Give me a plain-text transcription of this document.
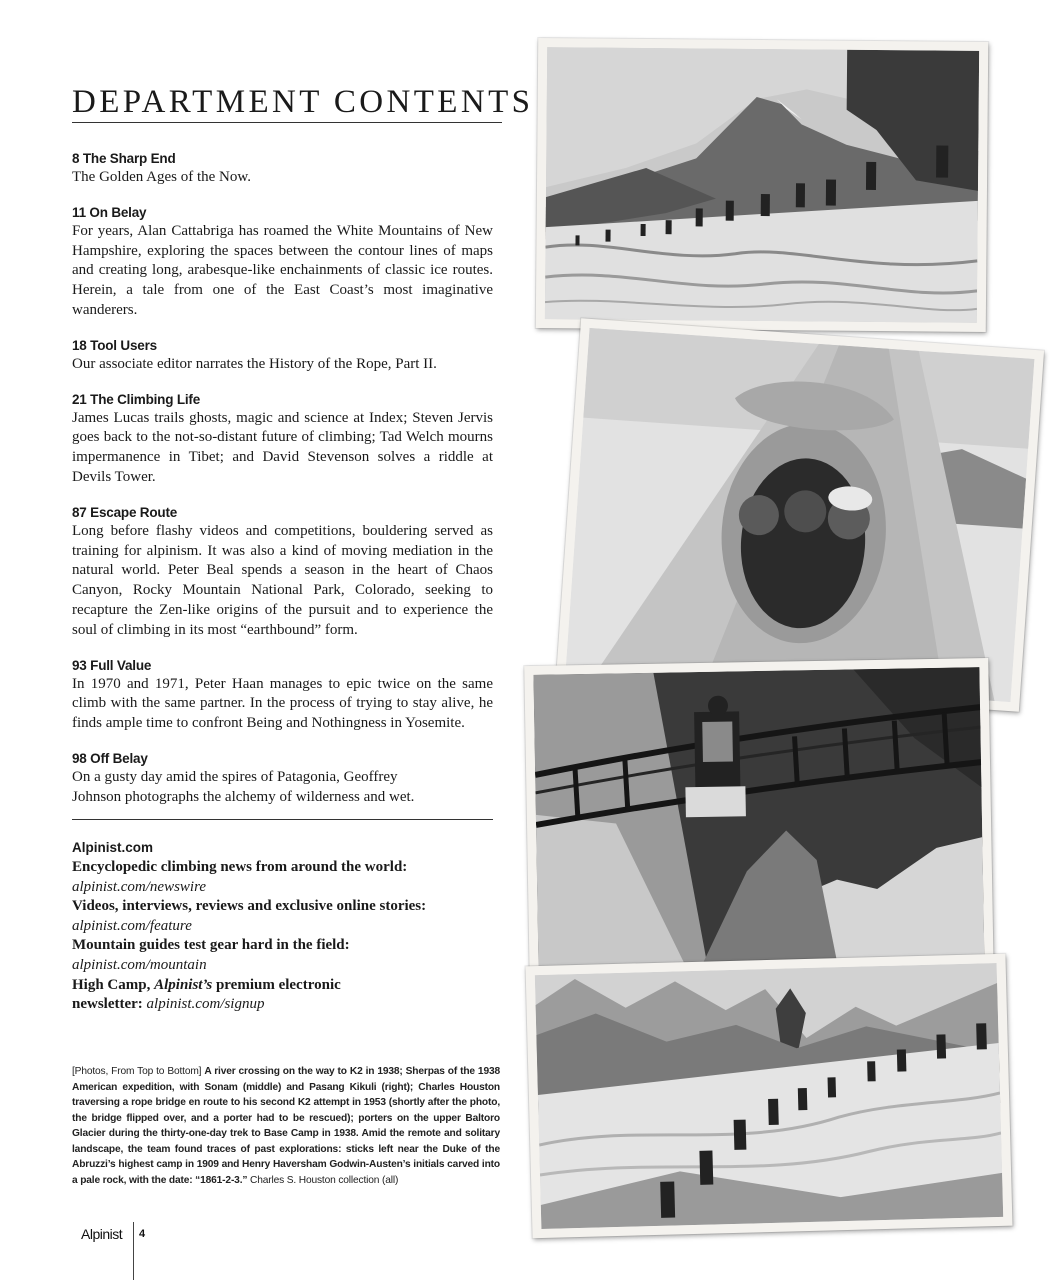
DEPARTMENT CONTENTS
8 The Sharp End
The Golden Ages of the Now.
11 On Belay
For years, Alan Cattabriga has roamed the White Mountains of New Hampshire, exploring the spaces between the contour lines of maps and creating long, arabesque-like enchainments of classic ice routes. Herein, a tale from one of the East Coast’s most imaginative wanderers.
18 Tool Users
Our associate editor narrates the History of the Rope, Part II.
21 The Climbing Life
James Lucas trails ghosts, magic and science at Index; Steven Jervis goes back to the not-so-distant future of climbing; Tad Welch mourns impermanence in Tibet; and David Stevenson solves a riddle at Devils Tower.
87 Escape Route
Long before flashy videos and competitions, bouldering served as training for alpinism. It was also a kind of moving mediation in the natural world. Peter Beal spends a season in the heart of Chaos Canyon, Rocky Mountain National Park, Colorado, seeking to recapture the Zen-like origins of the pursuit and to experience the soul of climbing in its most “earthbound” form.
93 Full Value
In 1970 and 1971, Peter Haan manages to epic twice on the same climb with the same partner. In the process of trying to stay alive, he finds ample time to confront Being and Nothingness in Yosemite.
98 Off Belay
On a gusty day amid the spires of Patagonia, Geoffrey
Johnson photographs the alchemy of wilderness and wet.
Alpinist.com
Encyclopedic climbing news from around the world:
alpinist.com/newswire
Videos, interviews, reviews and exclusive online stories:
alpinist.com/feature
Mountain guides test gear hard in the field:
alpinist.com/mountain
High Camp, Alpinist’s premium electronic
newsletter: alpinist.com/signup
[Photos, From Top to Bottom] A river crossing on the way to K2 in 1938; Sherpas of the 1938 American expedition, with Sonam (middle) and Pasang Kikuli (right); Charles Houston traversing a rope bridge en route to his second K2 attempt in 1953 (shortly after the photo, the bridge flipped over, and a porter had to be rescued); porters on the upper Baltoro Glacier during the thirty-one-day trek to Base Camp in 1938. Amid the remote and solitary landscape, the team found traces of past explorations: sticks left near the Duke of the Abruzzi’s highest camp in 1909 and Henry Haversham Godwin-Austen’s initials carved into a pale rock, with the date: “1861-2-3.” Charles S. Houston collection (all)
Alpinist 4
